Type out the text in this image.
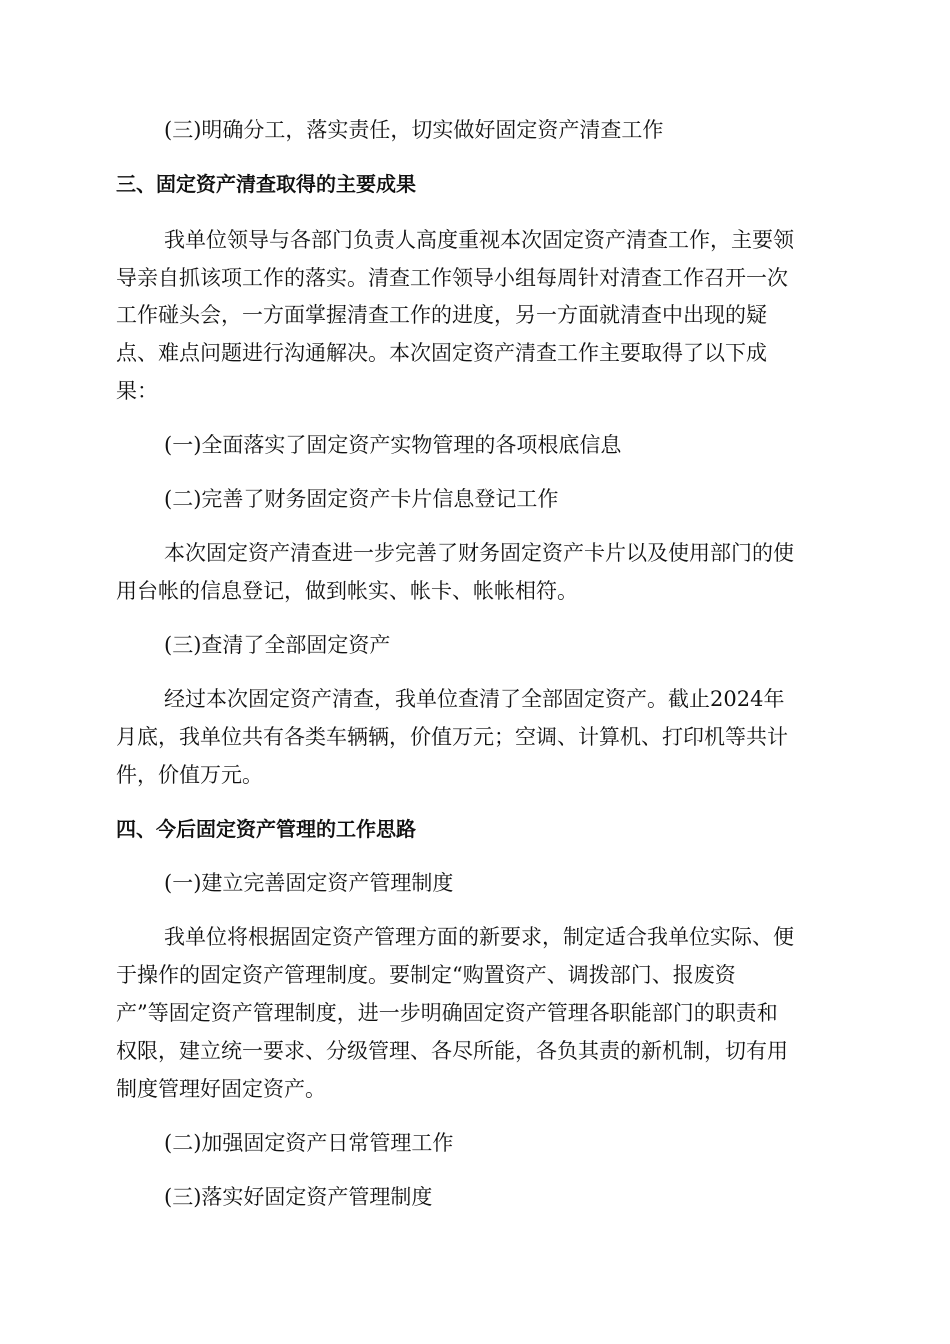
(三)明确分工，落实责任，切实做好固定资产清查工作
三、固定资产清查取得的主要成果
我单位领导与各部门负责人高度重视本次固定资产清查工作，主要领
导亲自抓该项工作的落实。清查工作领导小组每周针对清查工作召开一次
工作碰头会，一方面掌握清查工作的进度，另一方面就清查中出现的疑
点、难点问题进行沟通解决。本次固定资产清查工作主要取得了以下成
果：
(一)全面落实了固定资产实物管理的各项根底信息
(二)完善了财务固定资产卡片信息登记工作
本次固定资产清查进一步完善了财务固定资产卡片以及使用部门的使
用台帐的信息登记，做到帐实、帐卡、帐帐相符。
(三)查清了全部固定资产
经过本次固定资产清查，我单位查清了全部固定资产。截止2024年
月底，我单位共有各类车辆辆，价值万元；空调、计算机、打印机等共计
件，价值万元。
四、今后固定资产管理的工作思路
(一)建立完善固定资产管理制度
我单位将根据固定资产管理方面的新要求，制定适合我单位实际、便
于操作的固定资产管理制度。要制定“购置资产、调拨部门、报废资
产”等固定资产管理制度，进一步明确固定资产管理各职能部门的职责和
权限，建立统一要求、分级管理、各尽所能，各负其责的新机制，切有用
制度管理好固定资产。
(二)加强固定资产日常管理工作
(三)落实好固定资产管理制度
